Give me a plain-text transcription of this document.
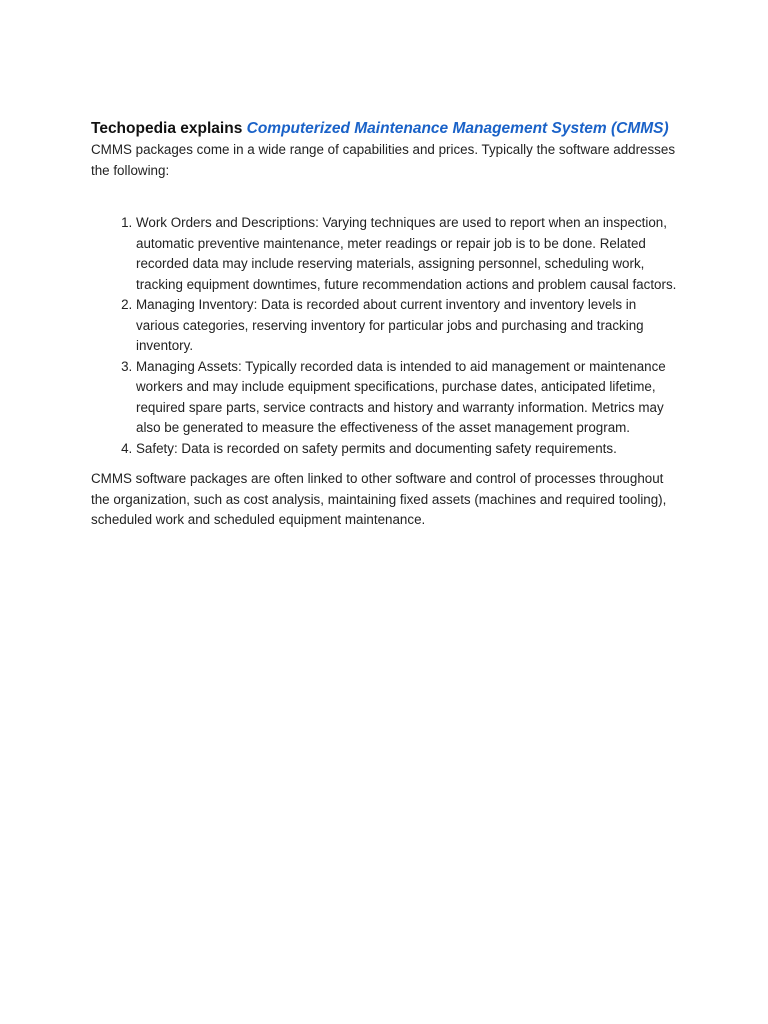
Techopedia explains Computerized Maintenance Management System (CMMS)

CMMS packages come in a wide range of capabilities and prices. Typically the software addresses the following:

1. Work Orders and Descriptions: Varying techniques are used to report when an inspection, automatic preventive maintenance, meter readings or repair job is to be done. Related recorded data may include reserving materials, assigning personnel, scheduling work, tracking equipment downtimes, future recommendation actions and problem causal factors.
2. Managing Inventory: Data is recorded about current inventory and inventory levels in various categories, reserving inventory for particular jobs and purchasing and tracking inventory.
3. Managing Assets: Typically recorded data is intended to aid management or maintenance workers and may include equipment specifications, purchase dates, anticipated lifetime, required spare parts, service contracts and history and warranty information. Metrics may also be generated to measure the effectiveness of the asset management program.
4. Safety: Data is recorded on safety permits and documenting safety requirements.

CMMS software packages are often linked to other software and control of processes throughout the organization, such as cost analysis, maintaining fixed assets (machines and required tooling), scheduled work and scheduled equipment maintenance.
